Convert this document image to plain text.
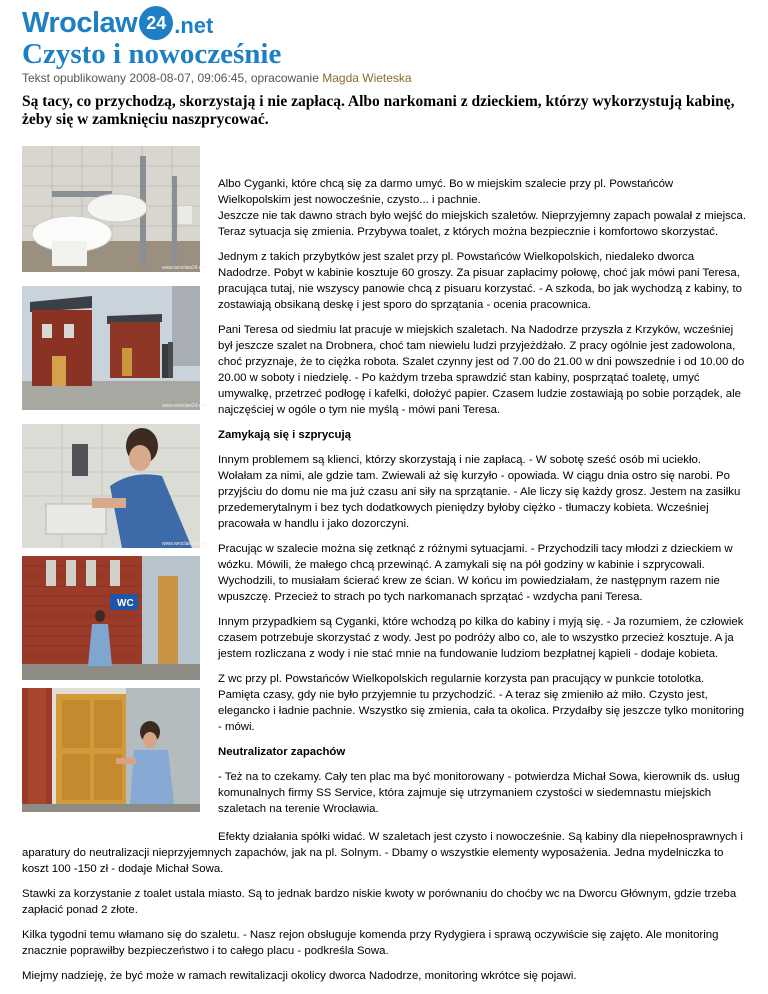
Wroclaw 24 .net
Czysto i nowocześnie
Tekst opublikowany 2008-08-07, 09:06:45, opracowanie Magda Wieteska

Są tacy, co przychodzą, skorzystają i nie zapłacą. Albo narkomani z dzieckiem, którzy wykorzystują kabinę, żeby się w zamknięciu naszprycować.

www.wroclaw24.net
www.wroclaw24.net
www.wroclaw24.net
WC

Albo Cyganki, które chcą się za darmo umyć. Bo w miejskim szalecie przy pl. Powstańców Wielkopolskim jest nowocześnie, czysto... i pachnie.
Jeszcze nie tak dawno strach było wejść do miejskich szaletów. Nieprzyjemny zapach powalał z miejsca. Teraz sytuacja się zmienia. Przybywa toalet, z których można bezpiecznie i komfortowo skorzystać.

Jednym z takich przybytków jest szalet przy pl. Powstańców Wielkopolskich, niedaleko dworca Nadodrze. Pobyt w kabinie kosztuje 60 groszy. Za pisuar zapłacimy połowę, choć jak mówi pani Teresa, pracująca tutaj, nie wszyscy panowie chcą z pisuaru korzystać. - A szkoda, bo jak wychodzą z kabiny, to zostawiają obsikaną deskę i jest sporo do sprzątania - ocenia pracownica.

Pani Teresa od siedmiu lat pracuje w miejskich szaletach. Na Nadodrze przyszła z Krzyków, wcześniej był jeszcze szalet na Drobnera, choć tam niewielu ludzi przyjeżdżało. Z pracy ogólnie jest zadowolona, choć przyznaje, że to ciężka robota. Szalet czynny jest od 7.00 do 21.00 w dni powszednie i od 10.00 do 20.00 w soboty i niedzielę. - Po każdym trzeba sprawdzić stan kabiny, posprzątać toaletę, umyć umywalkę, przetrzeć podłogę i kafelki, dołożyć papier. Czasem ludzie zostawiają po sobie porządek, ale najczęściej w ogóle o tym nie myślą - mówi pani Teresa.

Zamykają się i szprycują

Innym problemem są klienci, którzy skorzystają i nie zapłacą. - W sobotę sześć osób mi uciekło. Wołałam za nimi, ale gdzie tam. Zwiewali aż się kurzyło - opowiada. W ciągu dnia ostro się narobi. Po przyjściu do domu nie ma już czasu ani siły na sprzątanie. - Ale liczy się każdy grosz. Jestem na zasiłku przedemerytalnym i bez tych dodatkowych pieniędzy byłoby ciężko - tłumaczy kobieta. Wcześniej pracowała w handlu i jako dozorczyni.

Pracując w szalecie można się zetknąć z różnymi sytuacjami. - Przychodzili tacy młodzi z dzieckiem w wózku. Mówili, że małego chcą przewinąć. A zamykali się na pół godziny w kabinie i szprycowali. Wychodzili, to musiałam ścierać krew ze ścian. W końcu im powiedziałam, że następnym razem nie wpuszczę. Przecież to strach po tych narkomanach sprzątać - wzdycha pani Teresa.

Innym przypadkiem są Cyganki, które wchodzą po kilka do kabiny i myją się. - Ja rozumiem, że człowiek czasem potrzebuje skorzystać z wody. Jest po podróży albo co, ale to wszystko przecież kosztuje. A ja jestem rozliczana z wody i nie stać mnie na fundowanie ludziom bezpłatnej kąpieli - dodaje kobieta.

Z wc przy pl. Powstańców Wielkopolskich regularnie korzysta pan pracujący w punkcie totolotka. Pamięta czasy, gdy nie było przyjemnie tu przychodzić. - A teraz się zmieniło aż miło. Czysto jest, elegancko i ładnie pachnie. Wszystko się zmienia, cała ta okolica. Przydałby się jeszcze tylko monitoring - mówi.

Neutralizator zapachów

- Też na to czekamy. Cały ten plac ma być monitorowany - potwierdza Michał Sowa, kierownik ds. usług komunalnych firmy SS Service, która zajmuje się utrzymaniem czystości w siedemnastu miejskich szaletach na terenie Wrocławia.

Efekty działania spółki widać. W szaletach jest czysto i nowocześnie. Są kabiny dla niepełnosprawnych i aparatury do neutralizacji nieprzyjemnych zapachów, jak na pl. Solnym. - Dbamy o wszystkie elementy wyposażenia. Jedna mydelniczka to koszt 100 -150 zł - dodaje Michał Sowa.

Stawki za korzystanie z toalet ustala miasto. Są to jednak bardzo niskie kwoty w porównaniu do choćby wc na Dworcu Głównym, gdzie trzeba zapłacić ponad 2 złote.

Kilka tygodni temu włamano się do szaletu. - Nasz rejon obsługuje komenda przy Rydygiera i sprawą oczywiście się zajęto. Ale monitoring znacznie poprawiłby bezpieczeństwo i to całego placu - podkreśla Sowa.

Miejmy nadzieję, że być może w ramach rewitalizacji okolicy dworca Nadodrze, monitoring wkrótce się pojawi.
